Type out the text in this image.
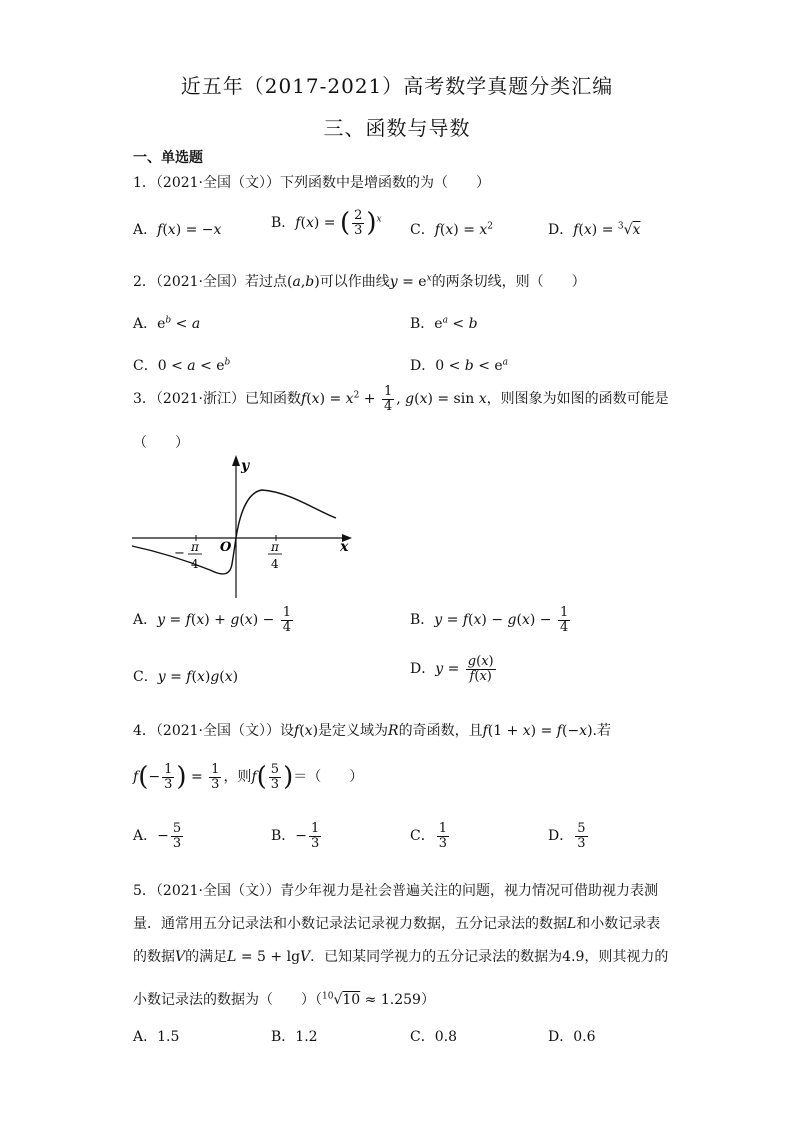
近五年（2017-2021）高考数学真题分类汇编
三、函数与导数
一、单选题
1．（2021·全国（文））下列函数中是增函数的为（　　）
A．f(x) = −x	B．f(x) = ( $\frac{2}{3} )^x$
C．$f(x) = x^2$	D．f(x) = $^3$√x
2．（2021·全国）若过点(a,b)可以作曲线$y = e^x$的两条切线，则（　　）
A．$e^b < a$	B．$e^a < b$
C．$0 < a < e^b$	D．$0 < b < e^a$
3．（2021·浙江）已知函数$f(x) = x^2 + \frac{1}{4}$ , g(x) = sin x，则图象为如图的函数可能是
（　　）
x
y
O
− π
4
π
4
A．$y = f(x) + g(x) - \frac{1}{4}$	B．$y = f(x) - g(x) - \frac{1}{4}$
C．y = f(x)g(x)	D．$y = \frac{g(x)}{f(x)}$
4．（2021·全国（文））设f(x)是定义域为R的奇函数，且f(1 + x) = f(−x).若
$f(- \frac{1}{3}$ ) = $\frac{1}{3}$ ，则$f( \frac{5}{3}$ )＝（　　）
A．− $\frac{5}{3}$	B．− $\frac{1}{3}$	C． $\frac{1}{3}$	D． $\frac{5}{3}$
5．（2021·全国（文））青少年视力是社会普遍关注的问题，视力情况可借助视力表测
量．通常用五分记录法和小数记录法记录视力数据，五分记录法的数据L和小数记录表
的数据V的满足L = 5 + lgV．已知某同学视力的五分记录法的数据为4.9，则其视力的
小数记录法的数据为（　　）（$^{10}$√10 ≈ 1.259）
A．1.5	B．1.2	C．0.8	D．0.6
